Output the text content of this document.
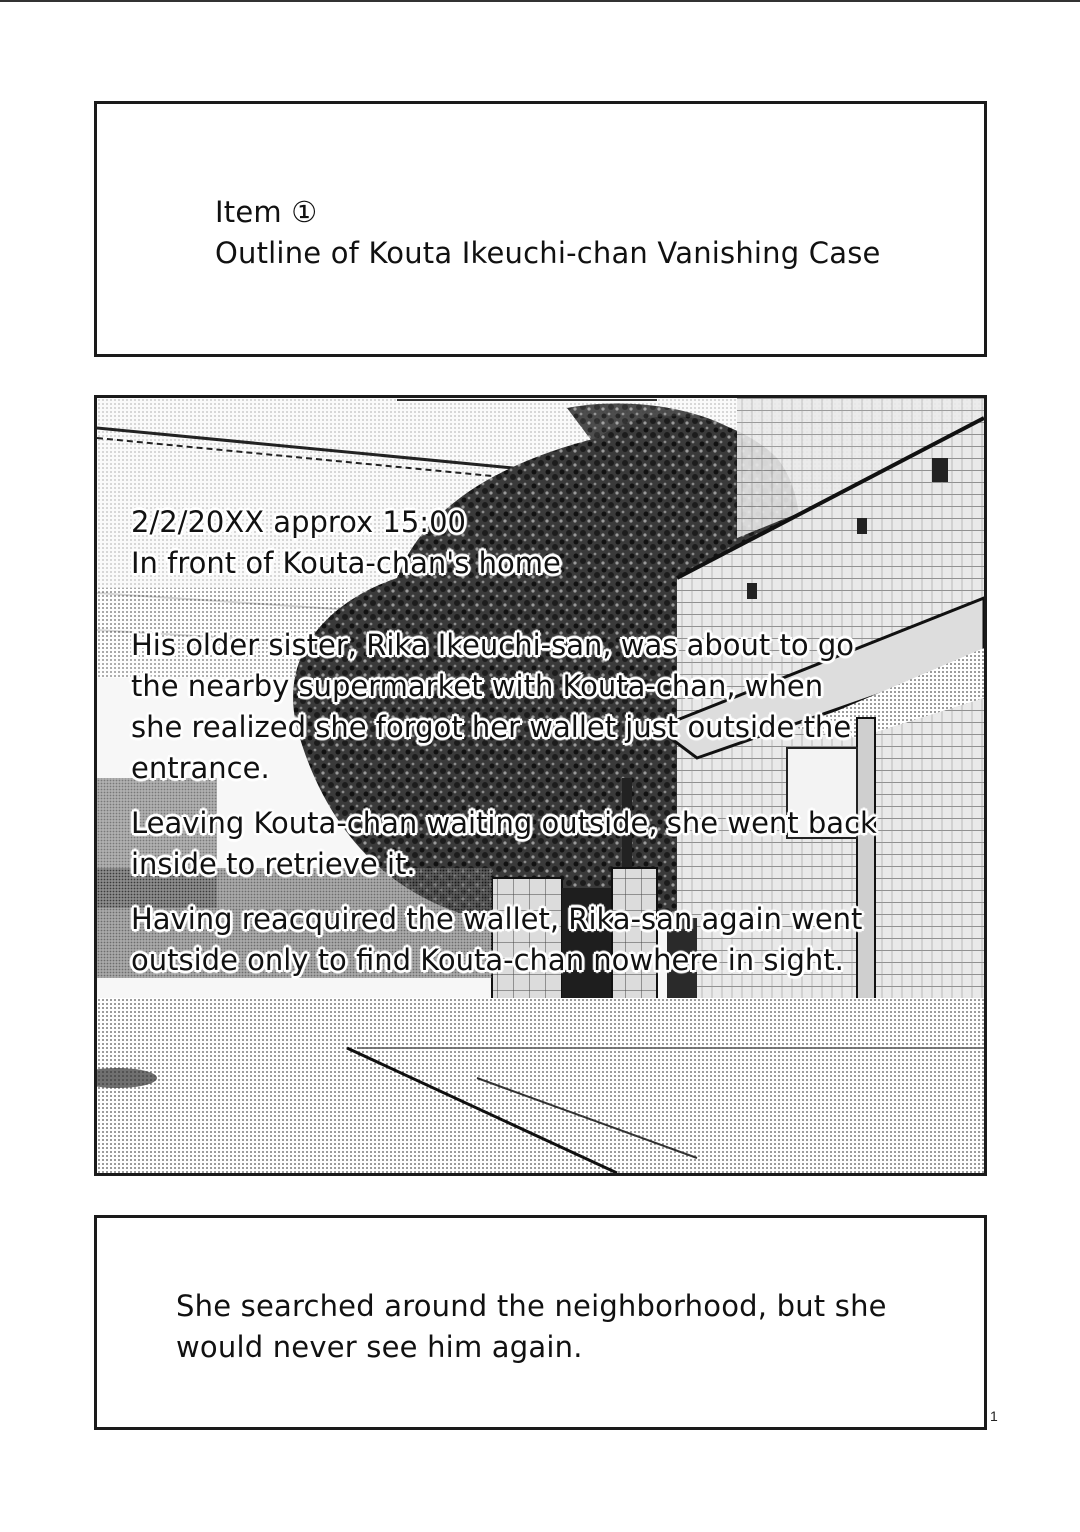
Item ①
Outline of Kouta Ikeuchi-chan Vanishing Case

2/2/20XX approx 15:00

In front of Kouta-chan's home

His older sister, Rika Ikeuchi-san, was about to go the nearby supermarket with Kouta-chan, when she realized she forgot her wallet just outside the entrance.

Leaving Kouta-chan waiting outside, she went back inside to retrieve it.

Having reacquired the wallet, Rika-san again went outside only to find Kouta-chan nowhere in sight.

She searched around the neighborhood, but she would never see him again.

1
